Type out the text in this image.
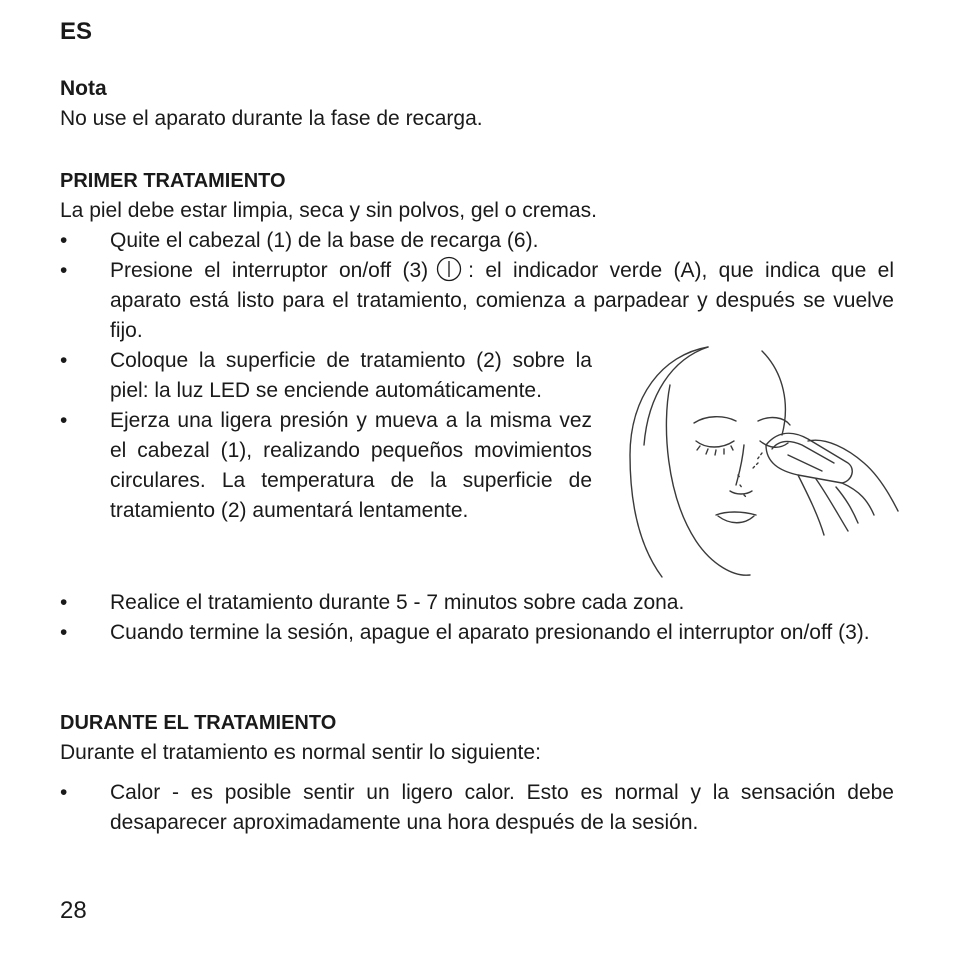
ES
Nota
No use el aparato durante la fase de recarga.
PRIMER TRATAMIENTO
La piel debe estar limpia, seca y sin polvos, gel o cremas.
• Quite el cabezal (1) de la base de recarga (6).
• Presione el interruptor on/off (3) : el indicador verde (A), que indica que el aparato está listo para el tratamiento, comienza a parpadear y después se vuelve fijo.
• Coloque la superficie de tratamiento (2) sobre la piel: la luz LED se enciende automáticamente.
• Ejerza una ligera presión y mueva a la misma vez el cabezal (1), realizando pequeños movimientos circulares. La temperatura de la superficie de tratamiento (2) aumentará lentamente.
• Realice el tratamiento durante 5 - 7 minutos sobre cada zona.
• Cuando termine la sesión, apague el aparato presionando el interruptor on/off (3).
DURANTE EL TRATAMIENTO
Durante el tratamiento es normal sentir lo siguiente:
• Calor - es posible sentir un ligero calor. Esto es normal y la sensación debe desaparecer aproximadamente una hora después de la sesión.
28
